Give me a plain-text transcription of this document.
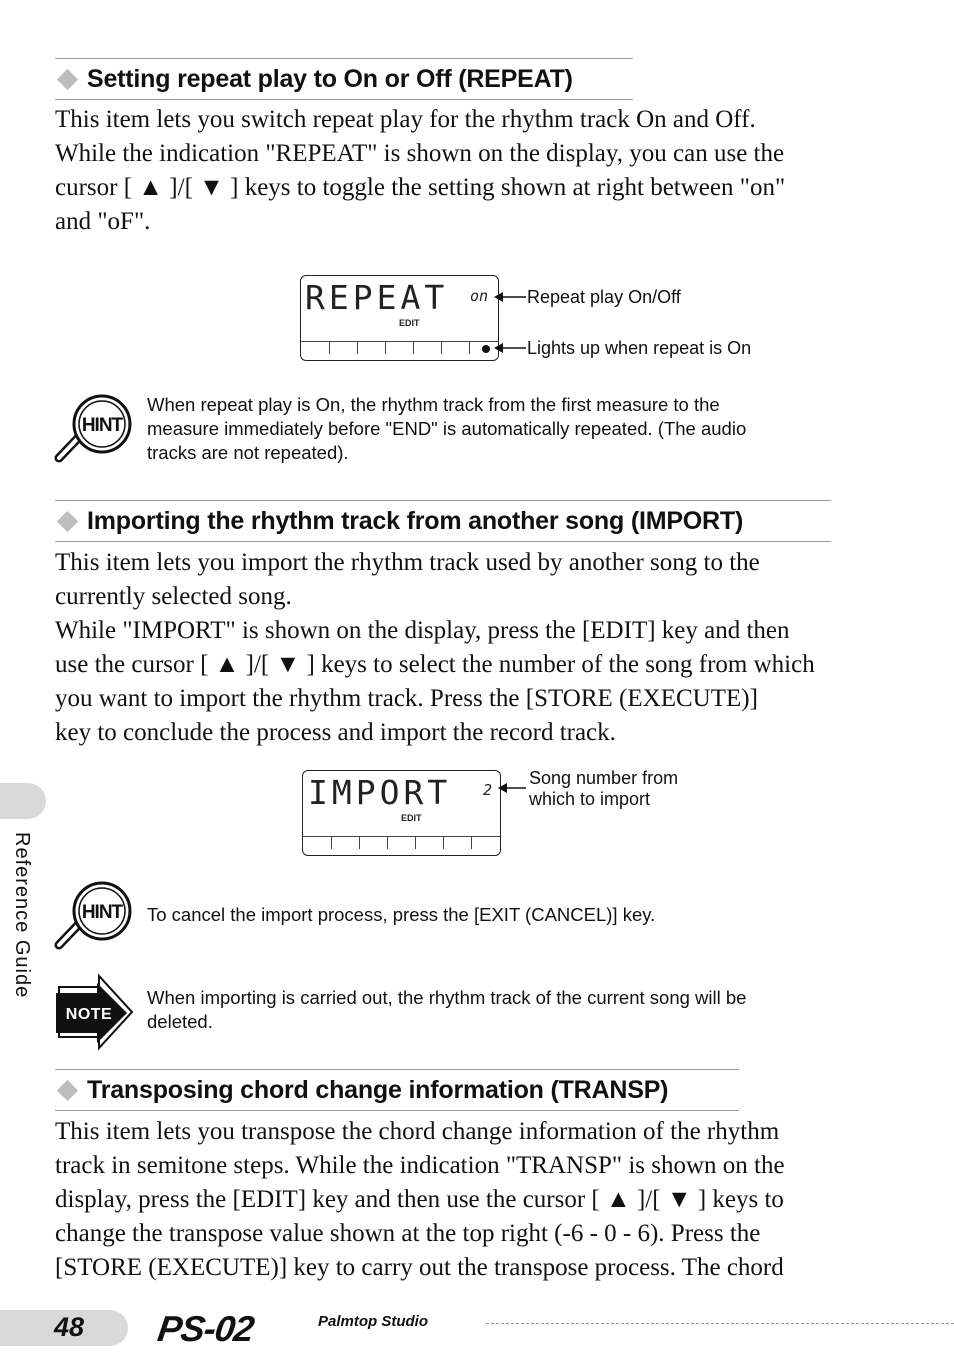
Setting repeat play to On or Off (REPEAT)

This item lets you switch repeat play for the rhythm track On and Off.

While the indication "REPEAT" is shown on the display, you can use the

cursor [ ▲ ]/[ ▼ ] keys to toggle the setting shown at right between "on"

and "oF".

REPEAT on
EDIT
Repeat play On/Off
Lights up when repeat is On
HINT

When repeat play is On, the rhythm track from the first measure to the

measure immediately before "END" is automatically repeated. (The audio

tracks are not repeated).

Importing the rhythm track from another song (IMPORT)

This item lets you import the rhythm track used by another song to the

currently selected song.

While "IMPORT" is shown on the display, press the [EDIT] key and then

use the cursor [ ▲ ]/[ ▼ ] keys to select the number of the song from which

you want to import the rhythm track. Press the [STORE (EXECUTE)]

key to conclude the process and import the record track.

IMPORT 2
EDIT
Song number from
which to import
HINT To cancel the import process, press the [EXIT (CANCEL)] key.

NOTE

When importing is carried out, the rhythm track of the current song will be

deleted.

Transposing chord change information (TRANSP)

This item lets you transpose the chord change information of the rhythm

track in semitone steps. While the indication "TRANSP" is shown on the

display, press the [EDIT] key and then use the cursor [ ▲ ]/[ ▼ ] keys to

change the transpose value shown at the top right (-6 - 0 - 6). Press the

[STORE (EXECUTE)] key to carry out the transpose process. The chord

Reference Guide
48 PS-02	Palmtop Studio
